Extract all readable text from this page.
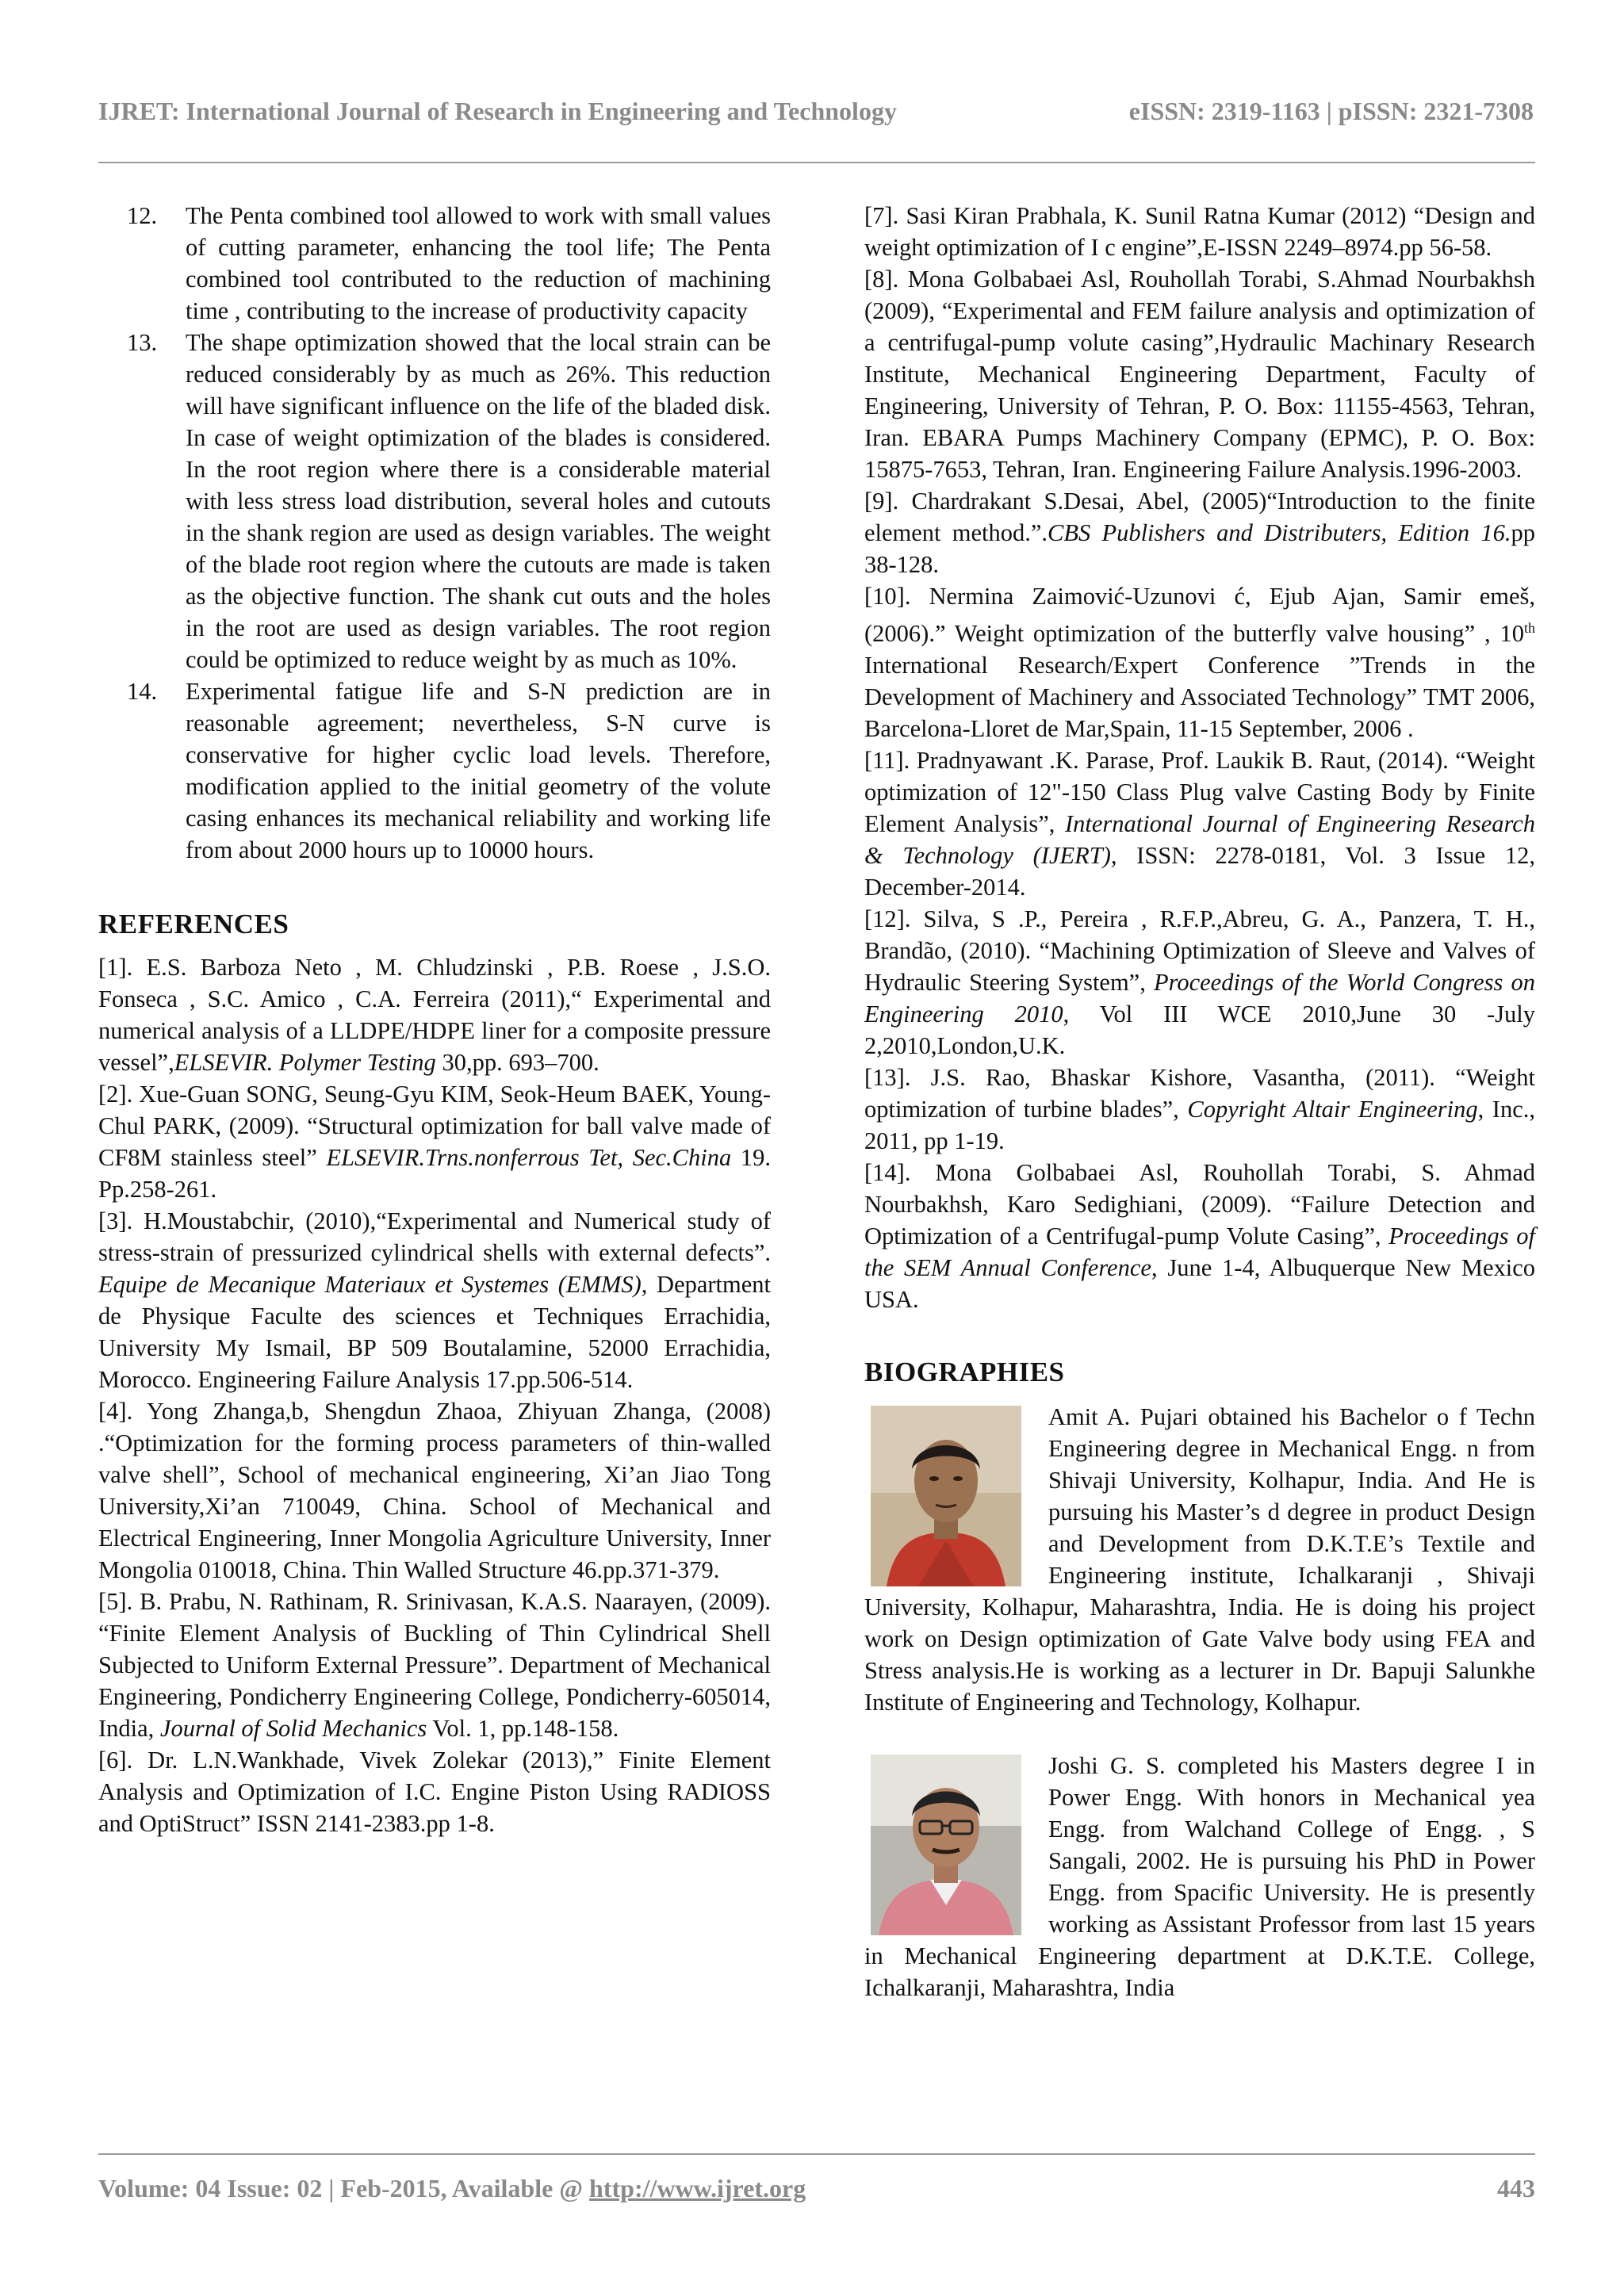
IJRET: International Journal of Research in Engineering and Technology	eISSN: 2319-1163 | pISSN: 2321-7308
12. The Penta combined tool allowed to work with small values of cutting parameter, enhancing the tool life; The Penta combined tool contributed to the reduction of machining time , contributing to the increase of productivity capacity
13. The shape optimization showed that the local strain can be reduced considerably by as much as 26%. This reduction will have significant influence on the life of the bladed disk. In case of weight optimization of the blades is considered. In the root region where there is a considerable material with less stress load distribution, several holes and cutouts in the shank region are used as design variables. The weight of the blade root region where the cutouts are made is taken as the objective function. The shank cut outs and the holes in the root are used as design variables. The root region could be optimized to reduce weight by as much as 10%.
14. Experimental fatigue life and S-N prediction are in reasonable agreement; nevertheless, S-N curve is conservative for higher cyclic load levels. Therefore, modification applied to the initial geometry of the volute casing enhances its mechanical reliability and working life from about 2000 hours up to 10000 hours.
REFERENCES

[1]. E.S. Barboza Neto , M. Chludzinski , P.B. Roese , J.S.O. Fonseca , S.C. Amico , C.A. Ferreira (2011),“ Experimental and numerical analysis of a LLDPE/HDPE liner for a composite pressure vessel”,ELSEVIR. Polymer Testing 30,pp. 693–700.

[2]. Xue-Guan SONG, Seung-Gyu KIM, Seok-Heum BAEK, Young-Chul PARK, (2009). “Structural optimization for ball valve made of CF8M stainless steel” ELSEVIR.Trns.nonferrous Tet, Sec.China 19. Pp.258-261.

[3]. H.Moustabchir, (2010),“Experimental and Numerical study of stress-strain of pressurized cylindrical shells with external defects”. Equipe de Mecanique Materiaux et Systemes (EMMS), Department de Physique Faculte des sciences et Techniques Errachidia, University My Ismail, BP 509 Boutalamine, 52000 Errachidia, Morocco. Engineering Failure Analysis 17.pp.506-514.

[4]. Yong Zhanga,b, Shengdun Zhaoa, Zhiyuan Zhanga, (2008) .“Optimization for the forming process parameters of thin-walled valve shell”, School of mechanical engineering, Xi’an Jiao Tong University,Xi’an 710049, China. School of Mechanical and Electrical Engineering, Inner Mongolia Agriculture University, Inner Mongolia 010018, China. Thin Walled Structure 46.pp.371-379.

[5]. B. Prabu, N. Rathinam, R. Srinivasan, K.A.S. Naarayen, (2009). “Finite Element Analysis of Buckling of Thin Cylindrical Shell Subjected to Uniform External Pressure”. Department of Mechanical Engineering, Pondicherry Engineering College, Pondicherry-605014, India, Journal of Solid Mechanics Vol. 1, pp.148-158.

[6]. Dr. L.N.Wankhade, Vivek Zolekar (2013),” Finite Element Analysis and Optimization of I.C. Engine Piston Using RADIOSS and OptiStruct” ISSN 2141-2383.pp 1-8.

[7]. Sasi Kiran Prabhala, K. Sunil Ratna Kumar (2012) “Design and weight optimization of I c engine”,E-ISSN 2249–8974.pp 56-58.

[8]. Mona Golbabaei Asl, Rouhollah Torabi, S.Ahmad Nourbakhsh (2009), “Experimental and FEM failure analysis and optimization of a centrifugal-pump volute casing”,Hydraulic Machinary Research Institute, Mechanical Engineering Department, Faculty of Engineering, University of Tehran, P. O. Box: 11155-4563, Tehran, Iran. EBARA Pumps Machinery Company (EPMC), P. O. Box: 15875-7653, Tehran, Iran. Engineering Failure Analysis.1996-2003.

[9]. Chardrakant S.Desai, Abel, (2005)“Introduction to the finite element method.”.CBS Publishers and Distributers, Edition 16.pp 38-128.

[10]. Nermina Zaimović-Uzunovi ć, Ejub Ajan, Samir emeš, (2006).” Weight optimization of the butterfly valve housing” , 10th International Research/Expert Conference ”Trends in the Development of Machinery and Associated Technology” TMT 2006, Barcelona-Lloret de Mar,Spain, 11-15 September, 2006 .

[11]. Pradnyawant .K. Parase, Prof. Laukik B. Raut, (2014). “Weight optimization of 12"-150 Class Plug valve Casting Body by Finite Element Analysis”, International Journal of Engineering Research & Technology (IJERT), ISSN: 2278-0181, Vol. 3 Issue 12, December-2014.

[12]. Silva, S .P., Pereira , R.F.P.,Abreu, G. A., Panzera, T. H., Brandão, (2010). “Machining Optimization of Sleeve and Valves of Hydraulic Steering System”, Proceedings of the World Congress on Engineering 2010, Vol III WCE 2010,June 30 -July 2,2010,London,U.K.

[13]. J.S. Rao, Bhaskar Kishore, Vasantha, (2011). “Weight optimization of turbine blades”, Copyright Altair Engineering, Inc., 2011, pp 1-19.

[14]. Mona Golbabaei Asl, Rouhollah Torabi, S. Ahmad Nourbakhsh, Karo Sedighiani, (2009). “Failure Detection and Optimization of a Centrifugal-pump Volute Casing”, Proceedings of the SEM Annual Conference, June 1-4, Albuquerque New Mexico USA.

BIOGRAPHIES

Amit A. Pujari obtained his Bachelor o f Techn Engineering degree in Mechanical Engg. n from Shivaji University, Kolhapur, India. And He is pursuing his Master’s d degree in product Design and Development from D.K.T.E’s Textile and Engineering institute, Ichalkaranji , Shivaji University, Kolhapur, Maharashtra, India. He is doing his project work on Design optimization of Gate Valve body using FEA and Stress analysis.He is working as a lecturer in Dr. Bapuji Salunkhe Institute of Engineering and Technology, Kolhapur.

Joshi G. S. completed his Masters degree I in Power Engg. With honors in Mechanical yea Engg. from Walchand College of Engg. , S Sangali, 2002. He is pursuing his PhD in Power Engg. from Spacific University. He is presently working as Assistant Professor from last 15 years in Mechanical Engineering department at D.K.T.E. College, Ichalkaranji, Maharashtra, India

Volume: 04 Issue: 02 | Feb-2015, Available @ http://www.ijret.org	443
